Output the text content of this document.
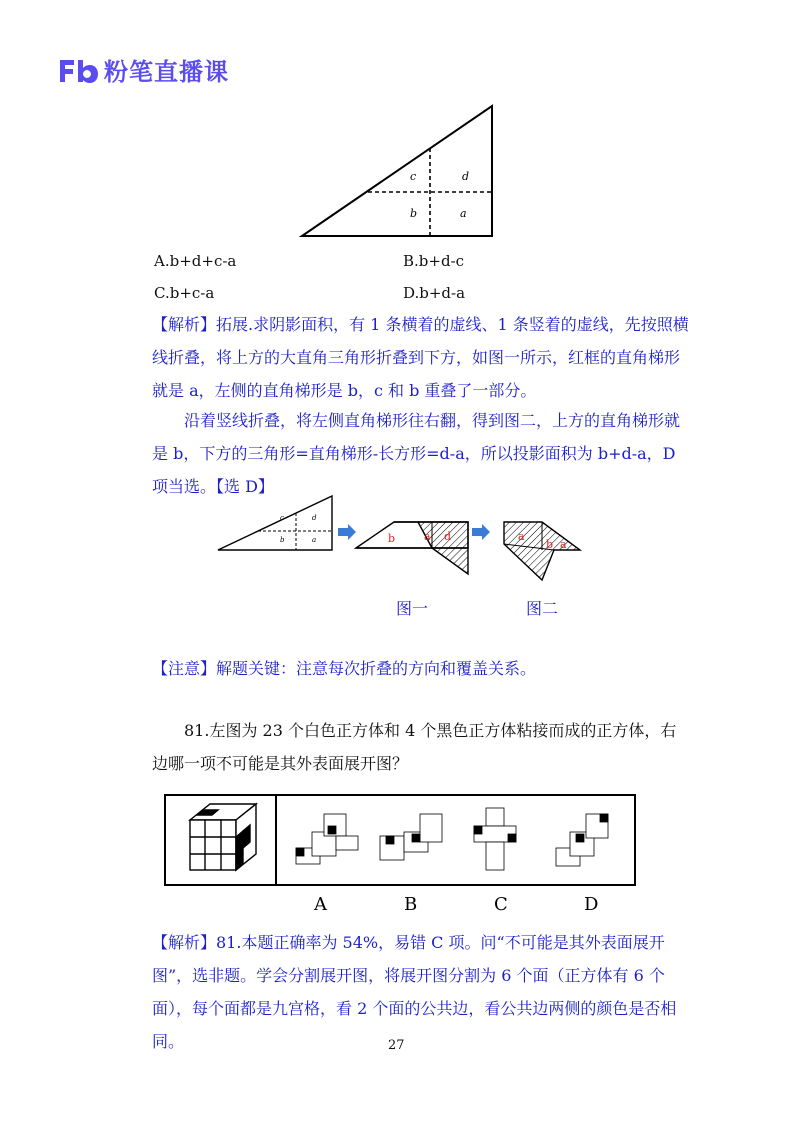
粉笔直播课
c	d
b	a
A.b+d+c-a	B.b+d-c
C.b+c-a	D.b+d-a
【解析】拓展.求阴影面积，有 1 条横着的虚线、1 条竖着的虚线，先按照横线折叠，将上方的大直角三角形折叠到下方，如图一所示，红框的直角梯形就是 a，左侧的直角梯形是 b，c 和 b 重叠了一部分。
沿着竖线折叠，将左侧直角梯形往右翻，得到图二，上方的直角梯形就是 b，下方的三角形=直角梯形-长方形=d-a，所以投影面积为 b+d-a，D 项当选。【选 D】
c	d
b	a	b	a d	a
b a
图一	图二
【注意】解题关键：注意每次折叠的方向和覆盖关系。
81.左图为 23 个白色正方体和 4 个黑色正方体粘接而成的正方体，右边哪一项不可能是其外表面展开图？
A	B	C	D
【解析】81.本题正确率为 54%，易错 C 项。问“不可能是其外表面展开图”，选非题。学会分割展开图，将展开图分割为 6 个面（正方体有 6 个面），每个面都是九宫格，看 2 个面的公共边，看公共边两侧的颜色是否相同。	27
